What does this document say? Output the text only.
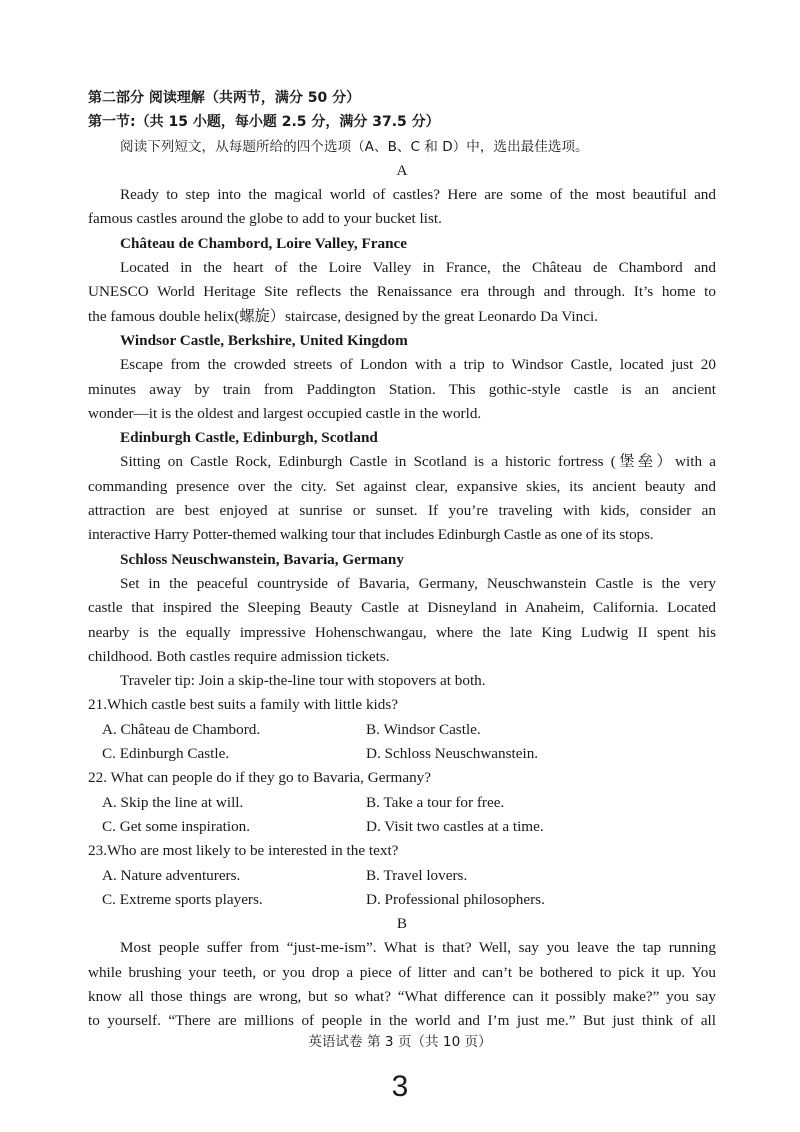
第二部分 阅读理解（共两节，满分 50 分）
第一节:（共 15 小题，每小题 2.5 分，满分 37.5 分）
阅读下列短文，从每题所给的四个选项（A、B、C 和 D）中，选出最佳选项。
A
Ready to step into the magical world of castles? Here are some of the most beautiful and
famous castles around the globe to add to your bucket list.
Château de Chambord, Loire Valley, France
Located in the heart of the Loire Valley in France, the Château de Chambord and
UNESCO World Heritage Site reflects the Renaissance era through and through. It’s home to
the famous double helix(螺旋）staircase, designed by the great Leonardo Da Vinci.
Windsor Castle, Berkshire, United Kingdom
Escape from the crowded streets of London with a trip to Windsor Castle, located just 20
minutes away by train from Paddington Station. This gothic-style castle is an ancient
wonder—it is the oldest and largest occupied castle in the world.
Edinburgh Castle, Edinburgh, Scotland
Sitting on Castle Rock, Edinburgh Castle in Scotland is a historic fortress (堡垒）with a
commanding presence over the city. Set against clear, expansive skies, its ancient beauty and
attraction are best enjoyed at sunrise or sunset. If you’re traveling with kids, consider an
interactive Harry Potter-themed walking tour that includes Edinburgh Castle as one of its stops.
Schloss Neuschwanstein, Bavaria, Germany
Set in the peaceful countryside of Bavaria, Germany, Neuschwanstein Castle is the very
castle that inspired the Sleeping Beauty Castle at Disneyland in Anaheim, California. Located
nearby is the equally impressive Hohenschwangau, where the late King Ludwig II spent his
childhood. Both castles require admission tickets.
Traveler tip: Join a skip-the-line tour with stopovers at both.
21.Which castle best suits a family with little kids?
A. Château de Chambord.	B. Windsor Castle.
C. Edinburgh Castle.	D. Schloss Neuschwanstein.
22. What can people do if they go to Bavaria, Germany?
A. Skip the line at will.	B. Take a tour for free.
C. Get some inspiration.	D. Visit two castles at a time.
23.Who are most likely to be interested in the text?
A. Nature adventurers.	B. Travel lovers.
C. Extreme sports players.	D. Professional philosophers.
B
Most people suffer from “just-me-ism”. What is that? Well, say you leave the tap running
while brushing your teeth, or you drop a piece of litter and can’t be bothered to pick it up. You
know all those things are wrong, but so what? “What difference can it possibly make?” you say
to yourself. “There are millions of people in the world and I’m just me.” But just think of all
英语试卷 第 3 页（共 10 页）
3
